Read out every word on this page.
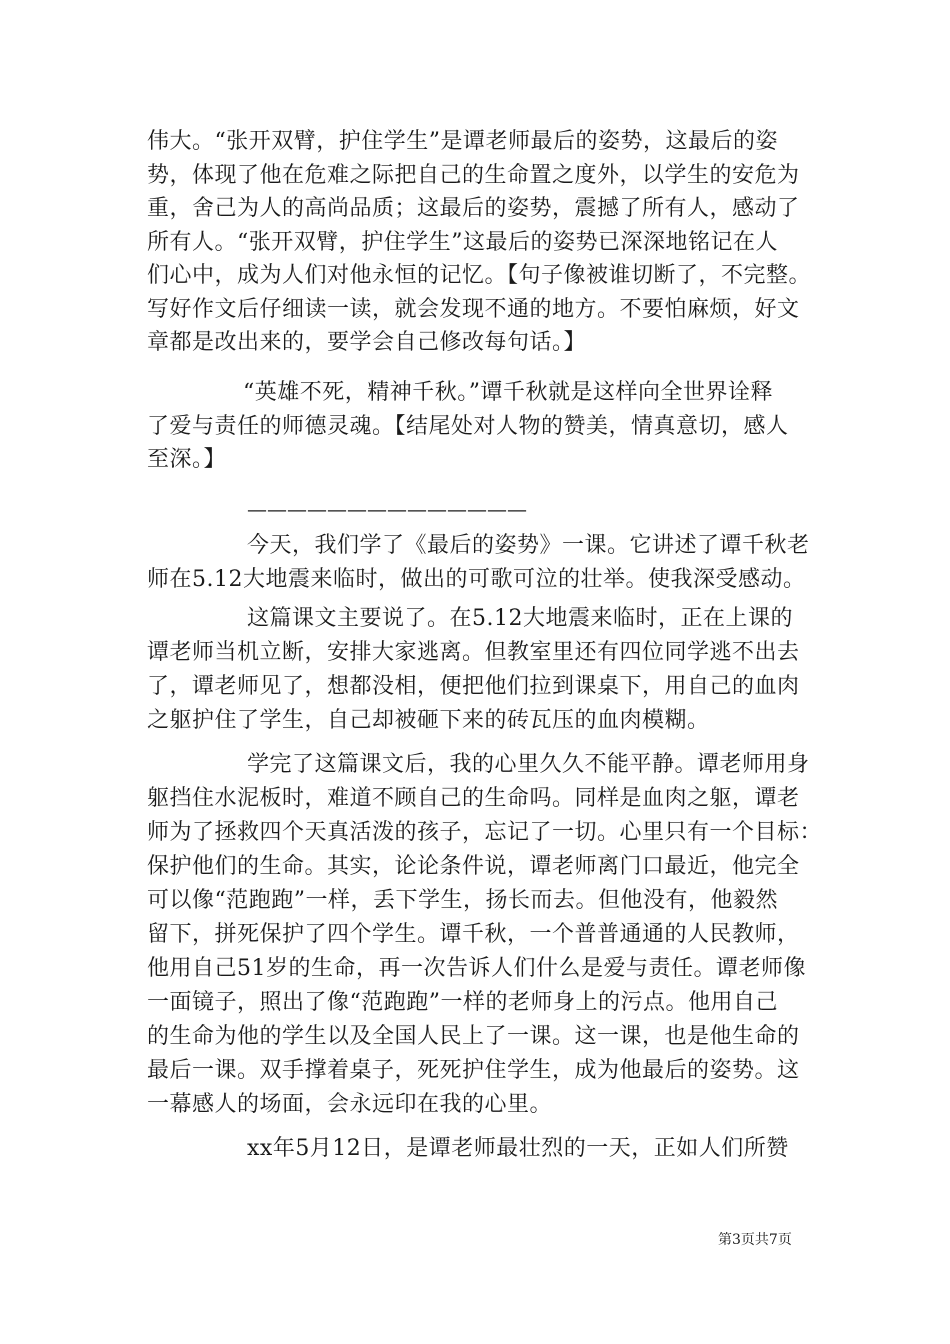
伟大。“张开双臂，护住学生”是谭老师最后的姿势，这最后的姿
势，体现了他在危难之际把自己的生命置之度外，以学生的安危为
重，舍己为人的高尚品质；这最后的姿势，震撼了所有人，感动了
所有人。“张开双臂，护住学生”这最后的姿势已深深地铭记在人
们心中，成为人们对他永恒的记忆。【句子像被谁切断了，不完整。
写好作文后仔细读一读，就会发现不通的地方。不要怕麻烦，好文
章都是改出来的，要学会自己修改每句话。】
“英雄不死，精神千秋。”谭千秋就是这样向全世界诠释
了爱与责任的师德灵魂。【结尾处对人物的赞美，情真意切，感人
至深。】
——————————————
今天，我们学了《最后的姿势》一课。它讲述了谭千秋老
师在5.12大地震来临时，做出的可歌可泣的壮举。使我深受感动。
这篇课文主要说了。在5.12大地震来临时，正在上课的
谭老师当机立断，安排大家逃离。但教室里还有四位同学逃不出去
了，谭老师见了，想都没相，便把他们拉到课桌下，用自己的血肉
之躯护住了学生，自己却被砸下来的砖瓦压的血肉模糊。
学完了这篇课文后，我的心里久久不能平静。谭老师用身
躯挡住水泥板时，难道不顾自己的生命吗。同样是血肉之躯，谭老
师为了拯救四个天真活泼的孩子，忘记了一切。心里只有一个目标：
保护他们的生命。其实，论论条件说，谭老师离门口最近，他完全
可以像“范跑跑”一样，丢下学生，扬长而去。但他没有，他毅然
留下，拼死保护了四个学生。谭千秋，一个普普通通的人民教师，
他用自己51岁的生命，再一次告诉人们什么是爱与责任。谭老师像
一面镜子，照出了像“范跑跑”一样的老师身上的污点。他用自己
的生命为他的学生以及全国人民上了一课。这一课，也是他生命的
最后一课。双手撑着桌子，死死护住学生，成为他最后的姿势。这
一幕感人的场面，会永远印在我的心里。
xx年5月12日，是谭老师最壮烈的一天，正如人们所赞
第3页共7页
